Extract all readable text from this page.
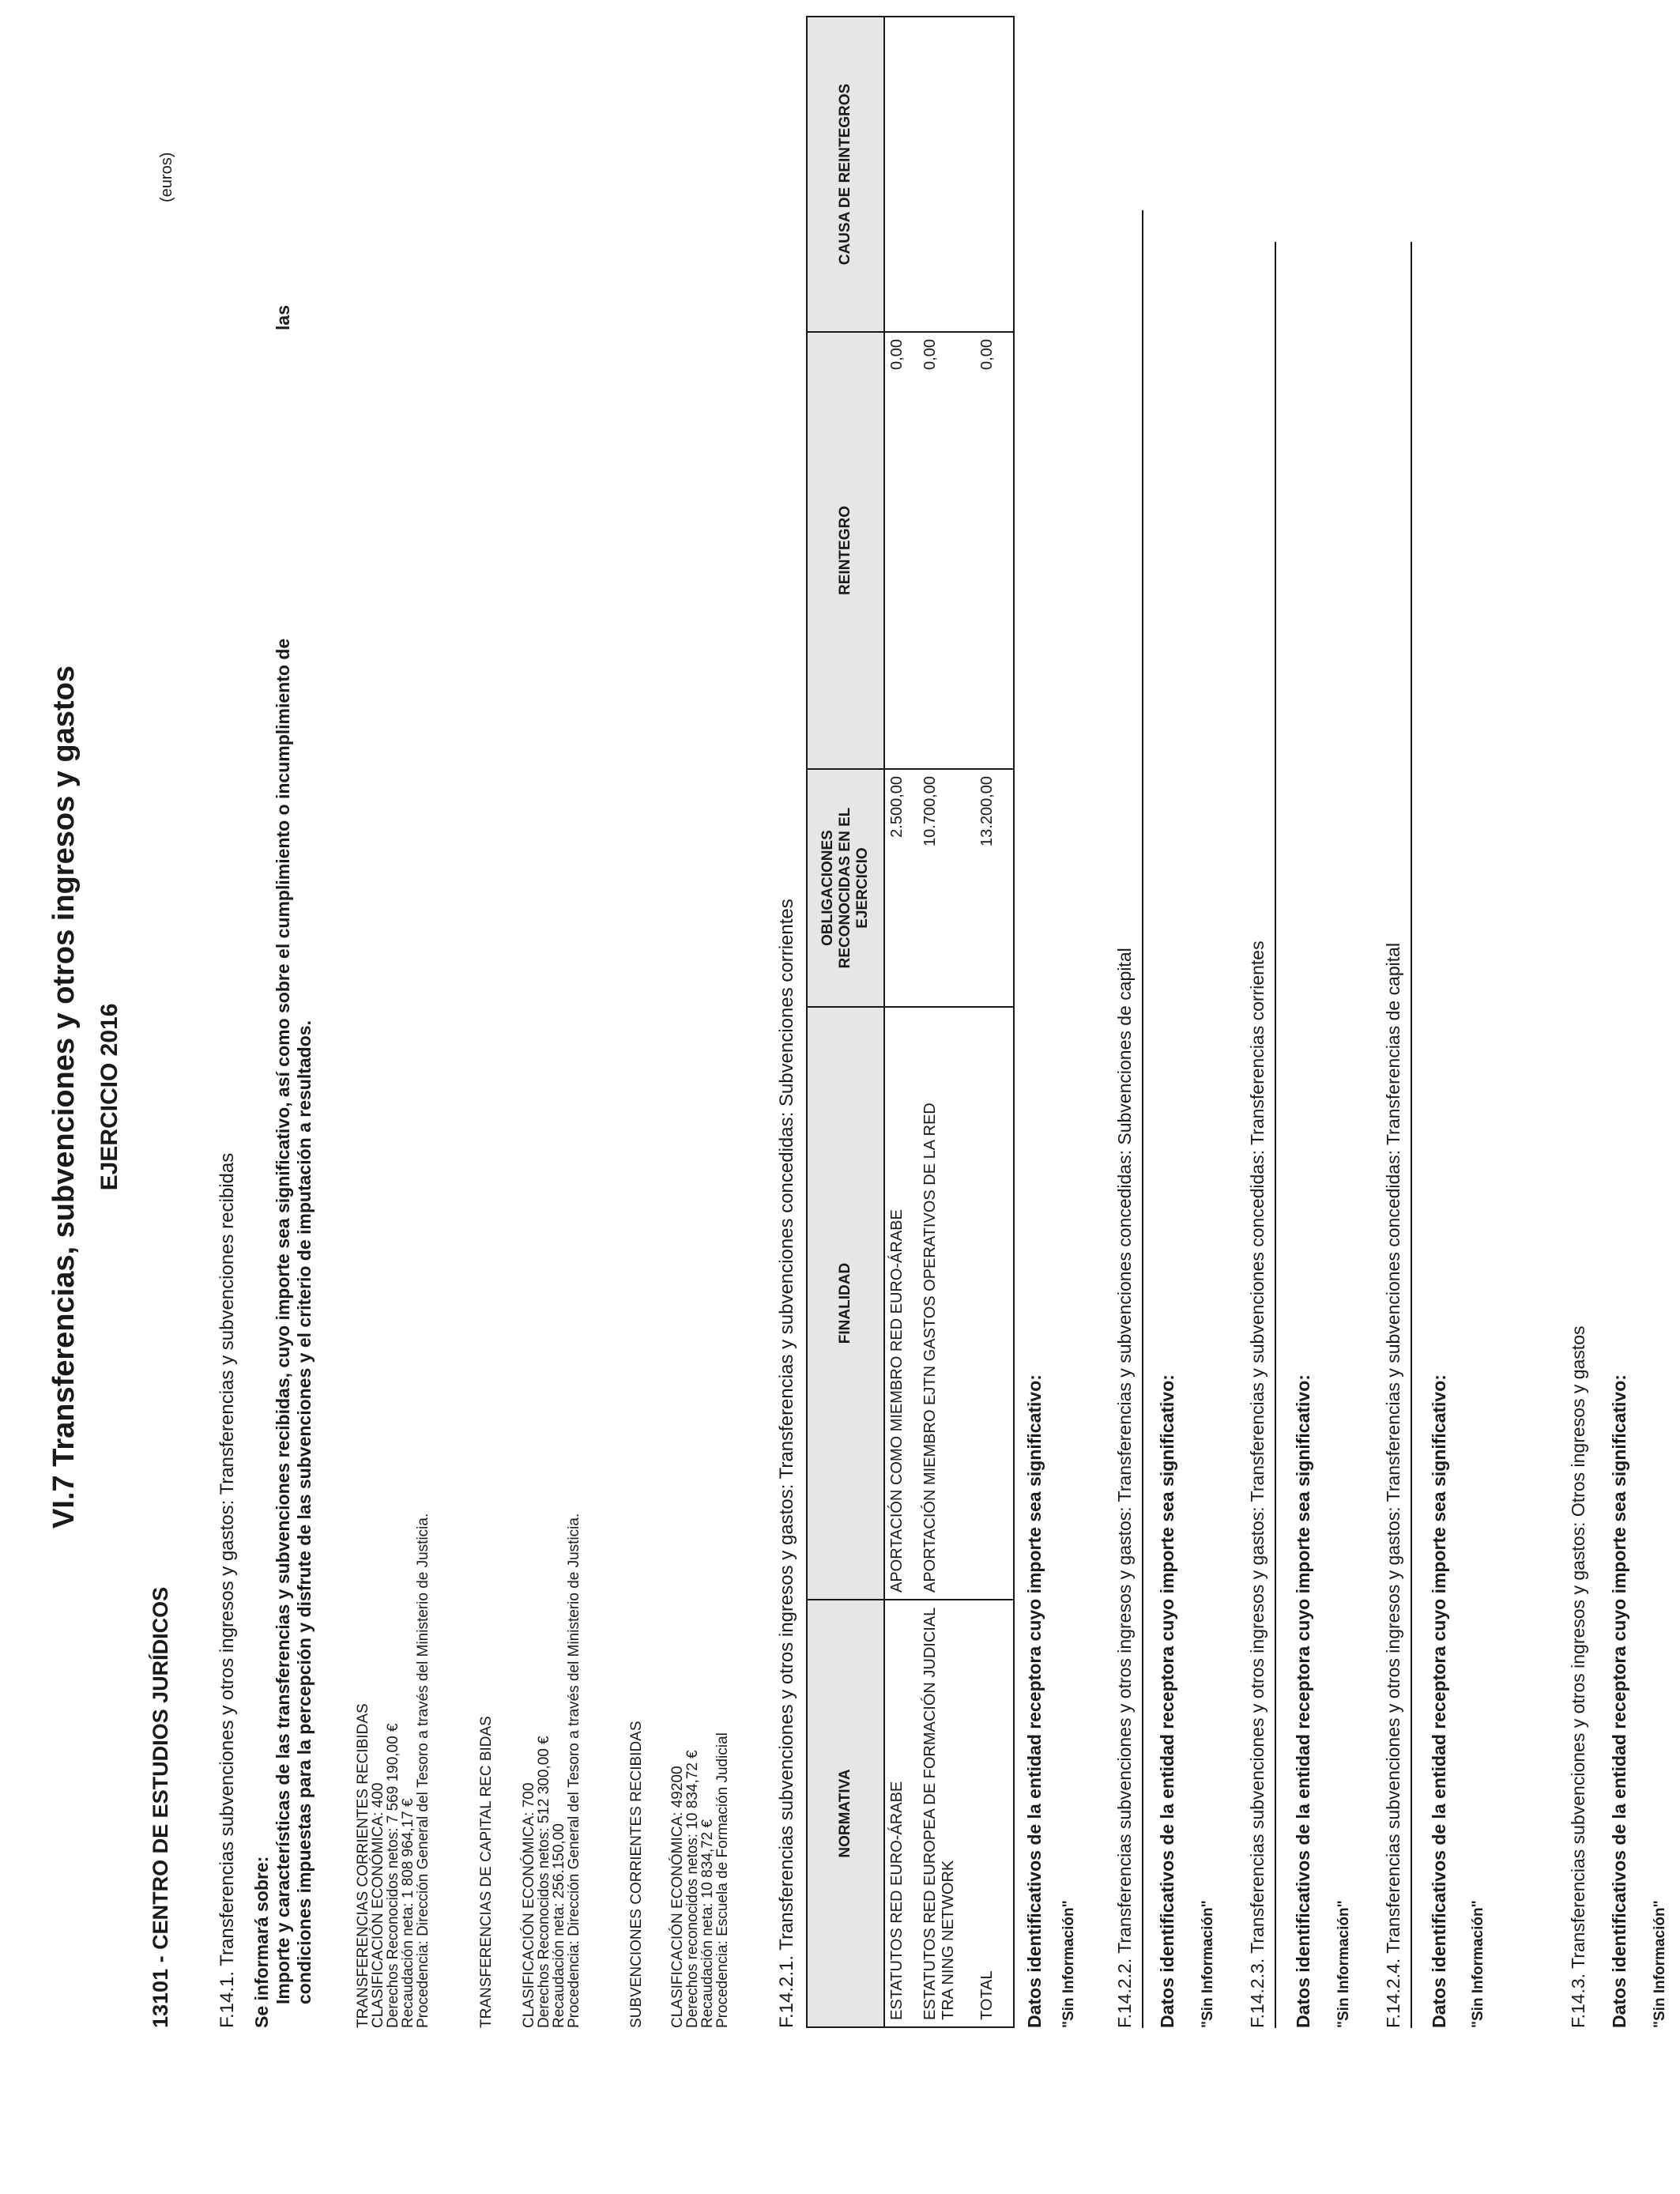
VI.7 Transferencias, subvenciones y otros ingresos y gastos EJERCICIO 2016
(euros)
13101 - CENTRO DE ESTUDIOS JURÍDICOS F.14.1. Transferencias subvenciones y otros ingresos y gastos: Transferencias y subvenciones recibidas Se informará sobre: Importe y características de las transferencias y subvenciones recibidas, cuyo importe sea significativo, así como sobre el cumplimiento o incumplimiento de
las
condiciones impuestas para la percepción y disfrute de las subvenciones y el criterio de imputación a resultados.	TRANSFERENCIAS CORRIENTES RECIBIDAS
CLASIFICACIÓN ECONÓMICA: 400
Derechos Reconocidos netos: 7 569 190,00 €
Recaudación neta: 1 808 964,17 €
Procedencia: Dirección General del Tesoro a través del Ministerio de Justicia.	TRANSFERENCIAS DE CAPITAL REC BIDAS CLASIFICACIÓN ECONÓMICA: 700
Derechos Reconocidos netos: 512 300,00 €
Recaudación neta: 256.150,00
Procedencia: Dirección General del Tesoro a través del Ministerio de Justicia.	SUBVENCIONES CORRIENTES RECIBIDAS CLASIFICACIÓN ECONÓMICA: 49200
Derechos reconocidos netos: 10 834,72 €
Recaudación neta: 10 834,72 €
Procedencia: Escuela de Formación Judicial F.14.2.1. Transferencias subvenciones y otros ingresos y gastos: Transferencias y subvenciones concedidas: Subvenciones corrientes	NORMATIVA	FINALIDAD	OBLIGACIONES RECONOCIDAS EN EL EJERCICIO	REINTEGRO	CAUSA DE REINTEGROS
ESTATUTOS RED EURO-ÁRABE	APORTACIÓN COMO MIEMBRO RED EURO-ÁRABE	2.500,00	0,00	
ESTATUTOS RED EUROPEA DE FORMACIÓN JUDICIAL TRA NING NETWORK	APORTACIÓN MIEMBRO EJTN GASTOS OPERATIVOS DE LA RED	10.700,00	0,00	
TOTAL		13.200,00	0,00	
Datos identificativos de la entidad receptora cuyo importe sea significativo: "Sin Información" F.14.2.2. Transferencias subvenciones y otros ingresos y gastos: Transferencias y subvenciones concedidas: Subvenciones de capital Datos identificativos de la entidad receptora cuyo importe sea significativo: "Sin Información" F.14.2.3. Transferencias subvenciones y otros ingresos y gastos: Transferencias y subvenciones concedidas: Transferencias corrientes Datos identificativos de la entidad receptora cuyo importe sea significativo: "Sin Información" F.14.2.4. Transferencias subvenciones y otros ingresos y gastos: Transferencias y subvenciones concedidas: Transferencias de capital Datos identificativos de la entidad receptora cuyo importe sea significativo: "Sin Información"	F.14.3. Transferencias subvenciones y otros ingresos y gastos: Otros ingresos y gastos Datos identificativos de la entidad receptora cuyo importe sea significativo: "Sin Información"
